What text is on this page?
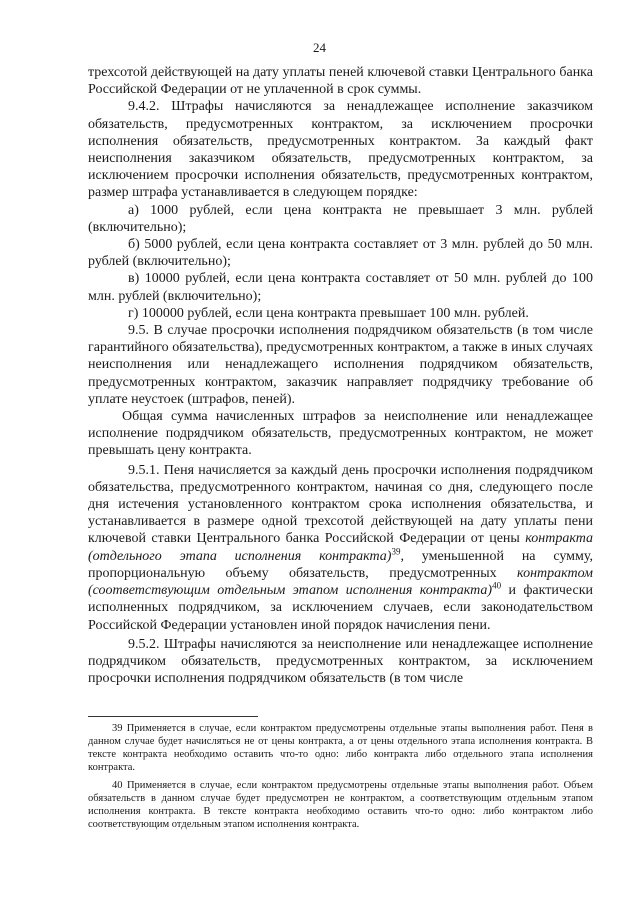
24

трехсотой действующей на дату уплаты пеней ключевой ставки Центрального банка Российской Федерации от не уплаченной в срок суммы.

9.4.2. Штрафы начисляются за ненадлежащее исполнение заказчиком обязательств, предусмотренных контрактом, за исключением просрочки исполнения обязательств, предусмотренных контрактом. За каждый факт неисполнения заказчиком обязательств, предусмотренных контрактом, за исключением просрочки исполнения обязательств, предусмотренных контрактом, размер штрафа устанавливается в следующем порядке:

а) 1000 рублей, если цена контракта не превышает 3 млн. рублей (включительно);

б) 5000 рублей, если цена контракта составляет от 3 млн. рублей до 50 млн. рублей (включительно);

в) 10000 рублей, если цена контракта составляет от 50 млн. рублей до 100 млн. рублей (включительно);

г) 100000 рублей, если цена контракта превышает 100 млн. рублей.

9.5. В случае просрочки исполнения подрядчиком обязательств (в том числе гарантийного обязательства), предусмотренных контрактом, а также в иных случаях неисполнения или ненадлежащего исполнения подрядчиком обязательств, предусмотренных контрактом, заказчик направляет подрядчику требование об уплате неустоек (штрафов, пеней).

Общая сумма начисленных штрафов за неисполнение или ненадлежащее исполнение подрядчиком обязательств, предусмотренных контрактом, не может превышать цену контракта.

9.5.1. Пеня начисляется за каждый день просрочки исполнения подрядчиком обязательства, предусмотренного контрактом, начиная со дня, следующего после дня истечения установленного контрактом срока исполнения обязательства, и устанавливается в размере одной трехсотой действующей на дату уплаты пени ключевой ставки Центрального банка Российской Федерации от цены контракта (отдельного этапа исполнения контракта)$^{39}$, уменьшенной на сумму, пропорциональную объему обязательств, предусмотренных контрактом (соответствующим отдельным этапом исполнения контракта)$^{40}$ и фактически исполненных подрядчиком, за исключением случаев, если законодательством Российской Федерации установлен иной порядок начисления пени.

9.5.2. Штрафы начисляются за неисполнение или ненадлежащее исполнение подрядчиком обязательств, предусмотренных контрактом, за исключением просрочки исполнения подрядчиком обязательств (в том числе

39 Применяется в случае, если контрактом предусмотрены отдельные этапы выполнения работ. Пеня в данном случае будет начисляться не от цены контракта, а от цены отдельного этапа исполнения контракта. В тексте контракта необходимо оставить что-то одно: либо контракта либо отдельного этапа исполнения контракта.

40 Применяется в случае, если контрактом предусмотрены отдельные этапы выполнения работ. Объем обязательств в данном случае будет предусмотрен не контрактом, а соответствующим отдельным этапом исполнения контракта. В тексте контракта необходимо оставить что-то одно: либо контрактом либо соответствующим отдельным этапом исполнения контракта.
